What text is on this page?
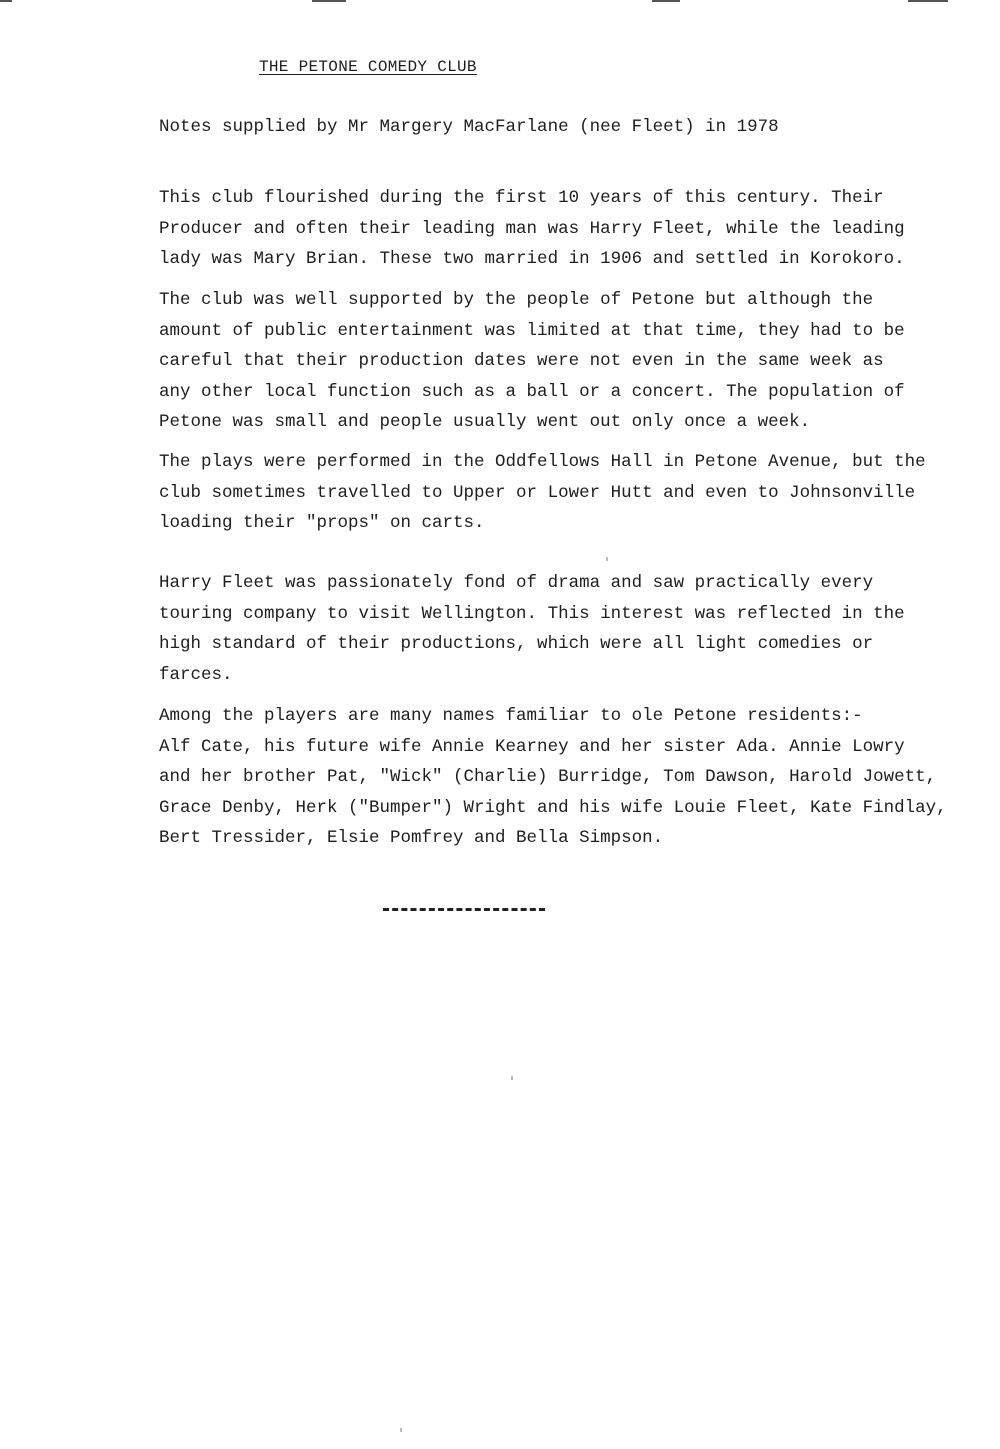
THE PETONE COMEDY CLUB
Notes supplied by Mr Margery MacFarlane (nee Fleet) in 1978
This club flourished during the first 10 years of this century. Their
Producer and often their leading man was Harry Fleet, while the leading
lady was Mary Brian. These two married in 1906 and settled in Korokoro.
The club was well supported by the people of Petone but although the
amount of public entertainment was limited at that time, they had to be
careful that their production dates were not even in the same week as
any other local function such as a ball or a concert. The population of
Petone was small and people usually went out only once a week.
The plays were performed in the Oddfellows Hall in Petone Avenue, but the
club sometimes travelled to Upper or Lower Hutt and even to Johnsonville
loading their "props" on carts.
Harry Fleet was passionately fond of drama and saw practically every
touring company to visit Wellington. This interest was reflected in the
high standard of their productions, which were all light comedies or
farces.
Among the players are many names familiar to ole Petone residents:-
Alf Cate, his future wife Annie Kearney and her sister Ada. Annie Lowry
and her brother Pat, "Wick" (Charlie) Burridge, Tom Dawson, Harold Jowett,
Grace Denby, Herk ("Bumper") Wright and his wife Louie Fleet, Kate Findlay,
Bert Tressider, Elsie Pomfrey and Bella Simpson.
